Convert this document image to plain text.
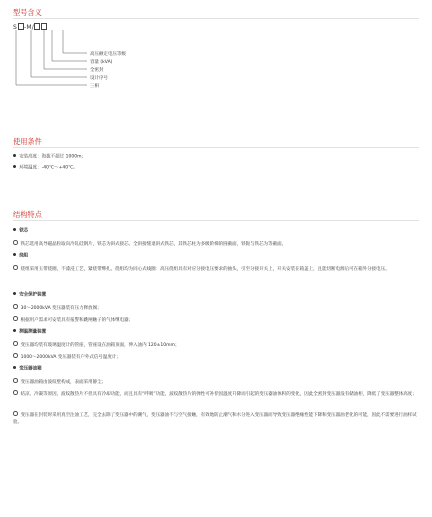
型号含义
S -M/
高压额定电压等级
容量 (kVA)
全密封
设计序号
三相
使用条件
安装高度：海拔不超过 1000m；
环境温度：-40℃～+40℃。
结构特点
铁芯
铁芯选用高导磁晶粒取向冷轧硅钢片，铁芯为斜式接芯、全斜接缝退斜式铁芯，其铁芯柱为多级阶梯的圆截面，铁轭与铁芯为等截面。
绕组
绕组采用玉带绕圈，不漆浸工艺，紧绕带绑扎。绕组均为同心式线圈：高压绕组具有对应分接电压要求的抽头，引至分接开关上，开关安装在箱盖上，且能切断电源后可在箱外分接电压。
安全保护装置
30～2000kVA 变压器装有压力释放阀；
根据用户需求可安装具有报警和跳闸触子的气体继电器；
测温测量装置
变压器均装有玻璃温度计的管座，管座设在油箱顶面，伸入油内 120±10mm；
1000～2000kVA 变压器装有户外式信号温度计；
变压器油箱
变压器油箱由波纹壁构成，表面采用静尘；
结凉、冷凝等原因，波纹散热片不但具有冷却功能，而且具有“呼吸”功能，波纹散热片的弹性可补偿因温度升降而引起的变压器油体积的变化，因此全密封变压器没有储油柜，降低了变压器整体高度；
变压器在封装时采用真空注油工艺，完全去除了变压器中的潮气，变压器油不与空气接触，有效地防止潮气和水分进入变压器而导致变压器绝缘性能下降和变压器油老化的可能，因此不需要进行油样试验。
